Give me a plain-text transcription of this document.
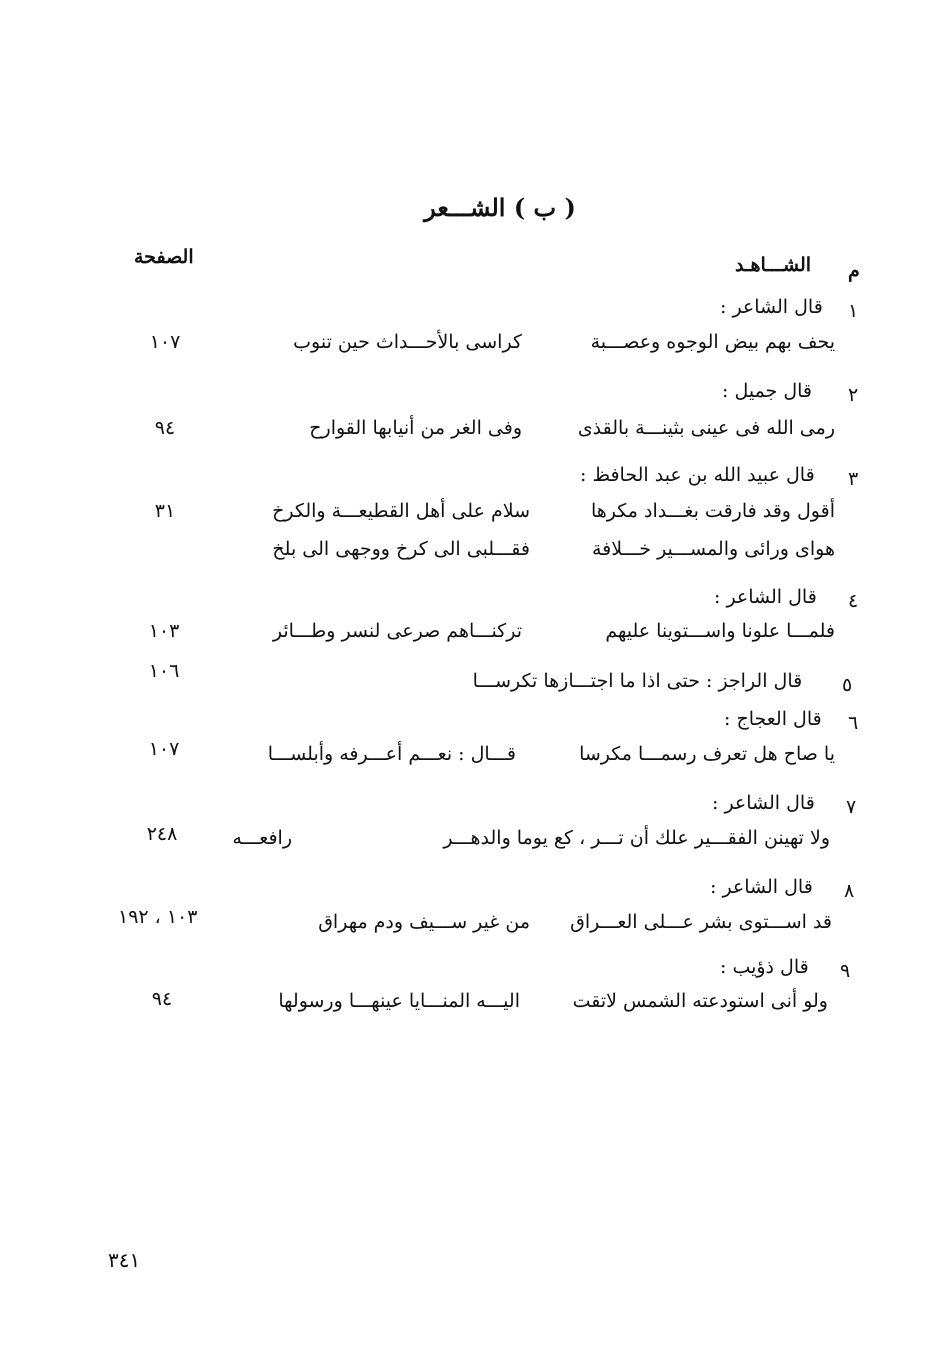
( ب ) الشـــعر
م
الشـــاهـد
الصفحة
١
قال الشاعر :
يحف بهم بيض الوجوه وعصـــبة
كراسى بالأحـــداث حين تنوب
١٠٧
٢
قال جميل :
رمى الله فى عينى بثينـــة بالقذى
وفى الغر من أنيابها القوارح
٩٤
٣
قال عبيد الله بن عبد الحافظ :
أقول وقد فارقت بغـــداد مكرها
سلام على أهل القطيعـــة والكرخ
٣١
هواى ورائى والمســـير خـــلافة
فقـــلبى الى كرخ ووجهى الى بلخ
٤
قال الشاعر :
فلمـــا علونا واســـتوينا عليهم
تركنـــاهم صرعى لنسر وطـــائر
١٠٣
٥
قال الراجز :
حتى اذا ما اجتـــازها تكرســـا
١٠٦
٦
قال العجاج :
يا صاح هل تعرف رسمـــا مكرسا
قـــال : نعـــم أعـــرفه وأبلســـا
١٠٧
٧
قال الشاعر :
ولا تهينن الفقـــير علك أن تـــر ، كع يوما والدهـــر
رافعـــه
٢٤٨
٨
قال الشاعر :
قد اســـتوى بشر عـــلى العـــراق
من غير ســـيف ودم مهراق
١٠٣ ، ١٩٢
٩
قال ذؤيب :
ولو أنى استودعته الشمس لاتقت
اليـــه المنـــايا عينهـــا ورسولها
٩٤
٣٤١
